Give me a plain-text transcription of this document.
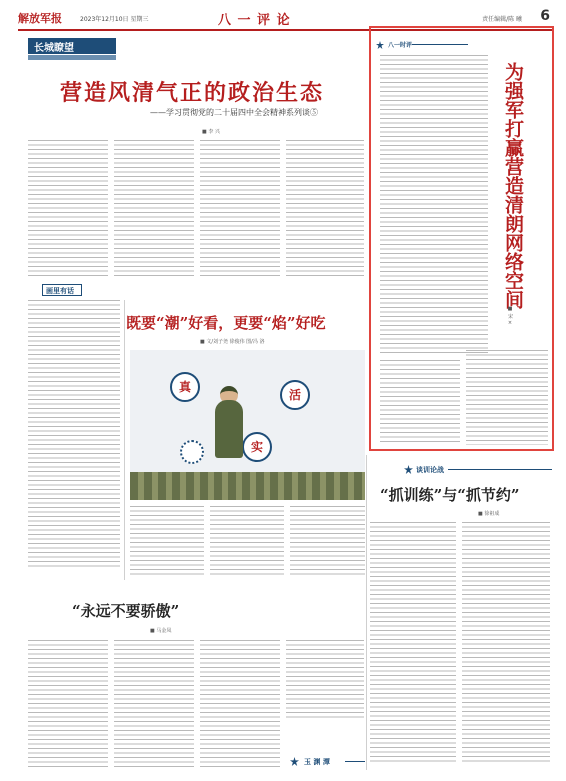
解放军报	2023年12月10日 星期三	八 一 评 论	责任编辑/陈 曦 6
长城瞭望
营造风清气正的政治生态
——学习贯彻党的二十届四中全会精神系列谈⑤
■ 李 兴
八一时评
为强军打赢营造清朗网络空间
■ 宋 ×
画里有话
既要“潮”好看，更要“焰”好吃
■ 文/刘子尧 徐俊伟 图/冯 洛
真
活
实
谈训论战
“抓训练”与“抓节约”
■ 徐祖成
“永远不要骄傲”
■ 马金凤
玉 渊 潭
